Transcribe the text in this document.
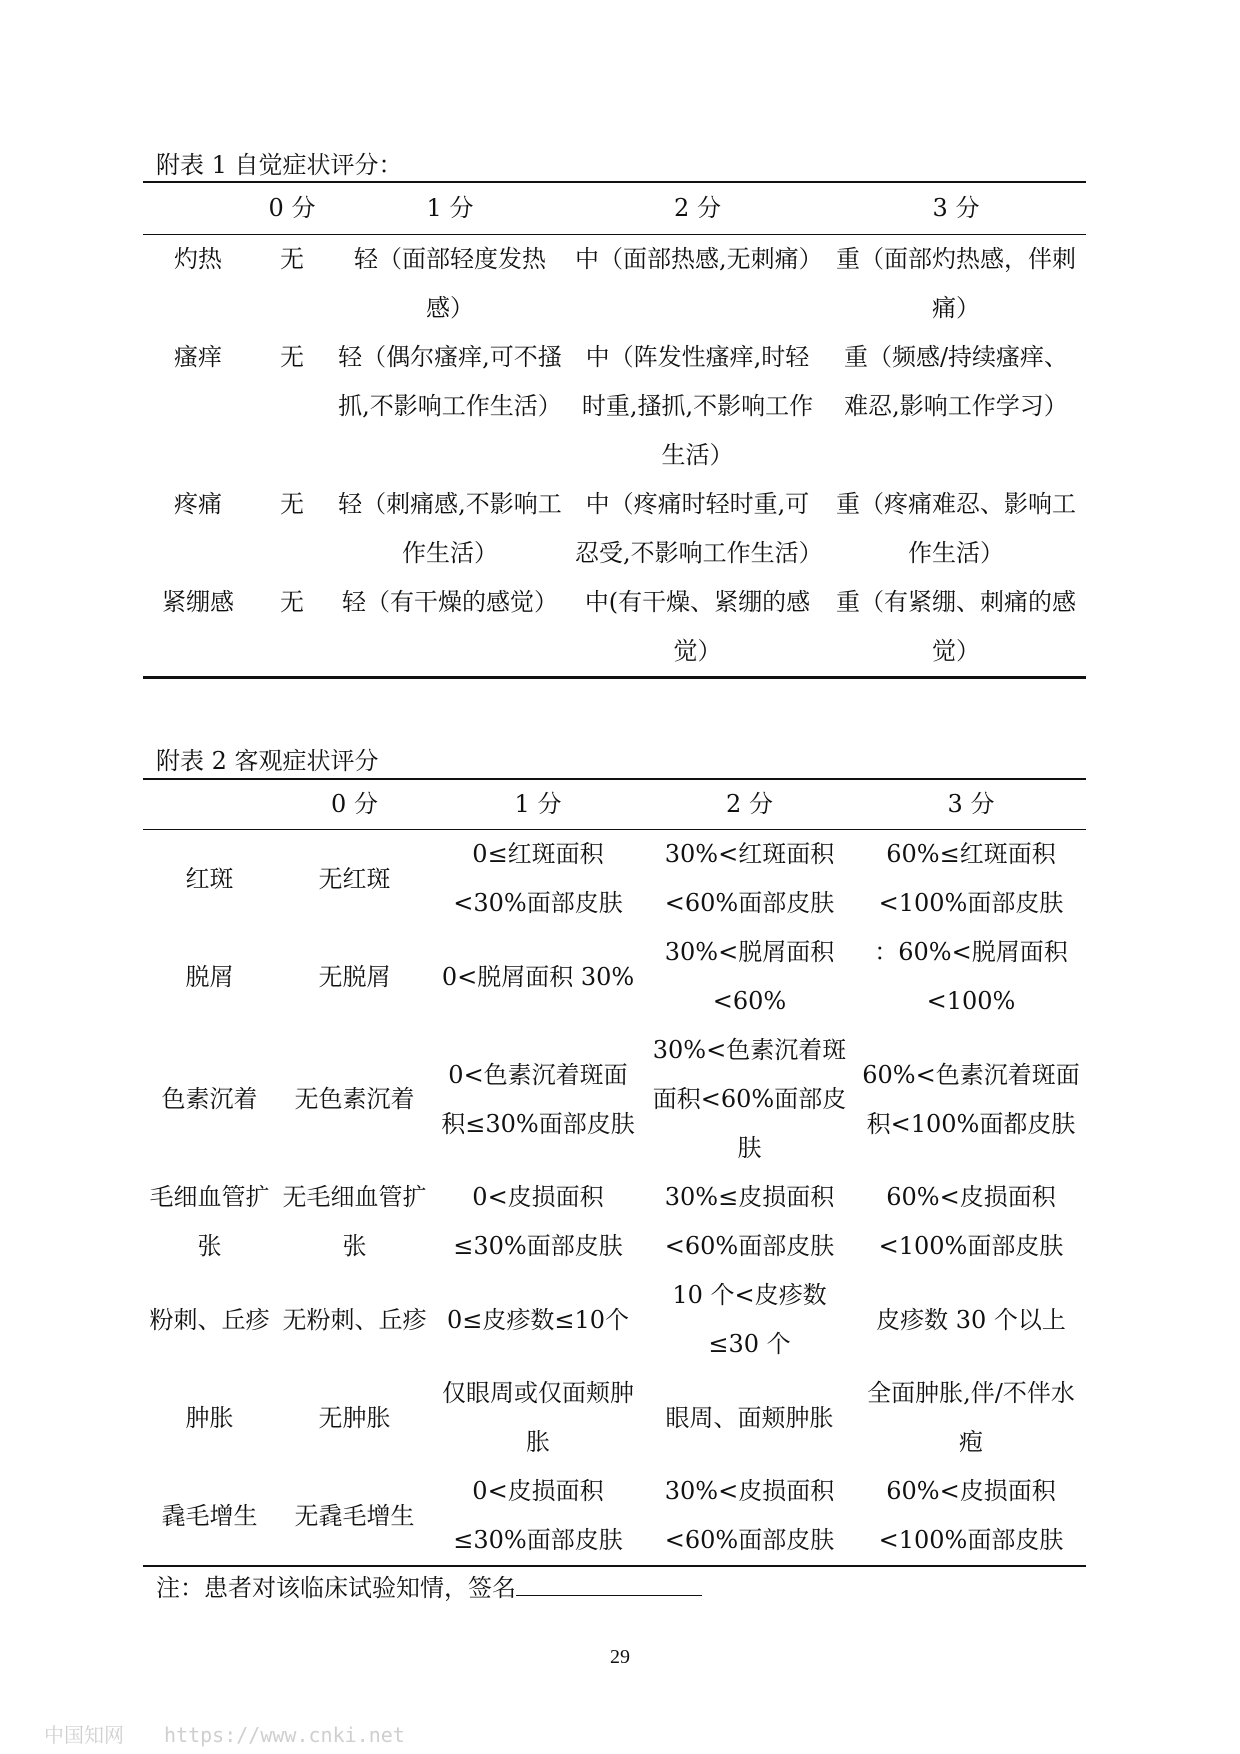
附表 1 自觉症状评分：
	0 分	1 分	2 分	3 分
灼热	无	轻（面部轻度发热感）	中（面部热感,无刺痛）	重（面部灼热感，伴刺痛）
瘙痒	无	轻（偶尔瘙痒,可不搔抓,不影响工作生活）	中（阵发性瘙痒,时轻时重,搔抓,不影响工作生活）	重（频感/持续瘙痒、难忍,影响工作学习）
疼痛	无	轻（刺痛感,不影响工作生活）	中（疼痛时轻时重,可忍受,不影响工作生活）	重（疼痛难忍、影响工作生活）
紧绷感	无	轻（有干燥的感觉）	中(有干燥、紧绷的感觉）	重（有紧绷、刺痛的感觉）
附表 2 客观症状评分
	0 分	1 分	2 分	3 分
红斑	无红斑	0≤红斑面积<30%面部皮肤	30%<红斑面积<60%面部皮肤	60%≤红斑面积<100%面部皮肤
脱屑	无脱屑	0<脱屑面积 30%	30%<脱屑面积<60%	：60%<脱屑面积<100%
色素沉着	无色素沉着	0<色素沉着斑面积≤30%面部皮肤	30%<色素沉着斑面积<60%面部皮肤	60%<色素沉着斑面积<100%面都皮肤
毛细血管扩张	无毛细血管扩张	0<皮损面积≤30%面部皮肤	30%≤皮损面积<60%面部皮肤	60%<皮损面积<100%面部皮肤
粉刺、丘疹	无粉刺、丘疹	0≤皮疹数≤10个	10 个<皮疹数≤30 个	皮疹数 30 个以上
肿胀	无肿胀	仅眼周或仅面颊肿胀	眼周、面颊肿胀	全面肿胀,伴/不伴水疱
毳毛增生	无毳毛增生	0<皮损面积≤30%面部皮肤	30%<皮损面积<60%面部皮肤	60%<皮损面积<100%面部皮肤
注：患者对该临床试验知情，签名
29
中国知网 https://www.cnki.net
